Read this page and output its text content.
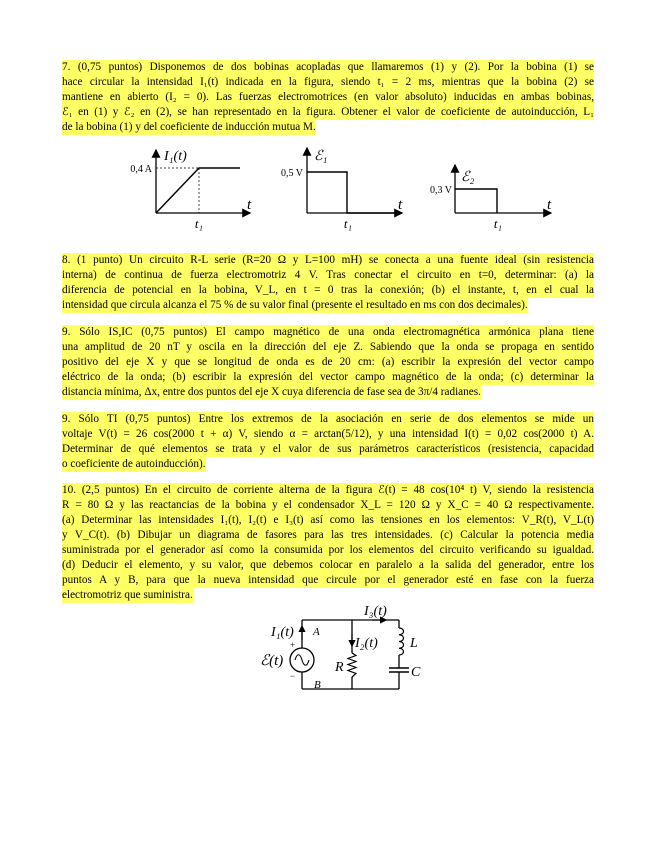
7. (0,75 puntos) Disponemos de dos bobinas acopladas que llamaremos (1) y (2). Por la bobina (1) se
hace circular la intensidad I₁(t) indicada en la figura, siendo t₁ = 2 ms, mientras que la bobina (2) se
mantiene en abierto (I₂ = 0). Las fuerzas electromotrices (en valor absoluto) inducidas en ambas bobinas,
ℰ₁ en (1) y ℰ₂ en (2), se han representado en la figura. Obtener el valor de coeficiente de autoinducción, L₁
de la bobina (1) y del coeficiente de inducción mutua M.
I₁(t)
0,4 A
t
t₁
ℰ₁
0,5 V
t
t₁
ℰ₂
0,3 V
t
t₁
8. (1 punto) Un circuito R-L serie (R=20 Ω y L=100 mH) se conecta a una fuente ideal (sin resistencia
interna) de continua de fuerza electromotriz 4 V. Tras conectar el circuito en t=0, determinar: (a) la
diferencia de potencial en la bobina, V_L, en t = 0 tras la conexión; (b) el instante, t, en el cual la
intensidad que circula alcanza el 75 % de su valor final (presente el resultado en ms con dos decimales).
9. Sólo IS,IC (0,75 puntos) El campo magnético de una onda electromagnética armónica plana tiene
una amplitud de 20 nT y oscila en la dirección del eje Z. Sabiendo que la onda se propaga en sentido
positivo del eje X y que se longitud de onda es de 20 cm: (a) escribir la expresión del vector campo
eléctrico de la onda; (b) escribir la expresión del vector campo magnético de la onda; (c) determinar la
distancia mínima, Δx, entre dos puntos del eje X cuya diferencia de fase sea de 3π/4 radianes.
9. Sólo TI (0,75 puntos) Entre los extremos de la asociación en serie de dos elementos se mide un
voltaje V(t) = 26 cos(2000 t + α) V, siendo α = arctan(5/12), y una intensidad I(t) = 0,02 cos(2000 t) A.
Determinar de qué elementos se trata y el valor de sus parámetros característicos (resistencia, capacidad
o coeficiente de autoinducción).
10. (2,5 puntos) En el circuito de corriente alterna de la figura ℰ(t) = 48 cos(10⁴ t) V, siendo la resistencia
R = 80 Ω y las reactancias de la bobina y el condensador X_L = 120 Ω y X_C = 40 Ω respectivamente.
(a) Determinar las intensidades I₁(t), I₂(t) e I₃(t) así como las tensiones en los elementos: V_R(t), V_L(t)
y V_C(t). (b) Dibujar un diagrama de fasores para las tres intensidades. (c) Calcular la potencia media
suministrada por el generador así como la consumida por los elementos del circuito verificando su igualdad.
(d) Deducir el elemento, y su valor, que debemos colocar en paralelo a la salida del generador, entre los
puntos A y B, para que la nueva intensidad que circule por el generador esté en fase con la fuerza
electromotriz que suministra.
I₃(t)
I₁(t) A
I₂(t) L
ℰ(t)
+
−
R	C
B
